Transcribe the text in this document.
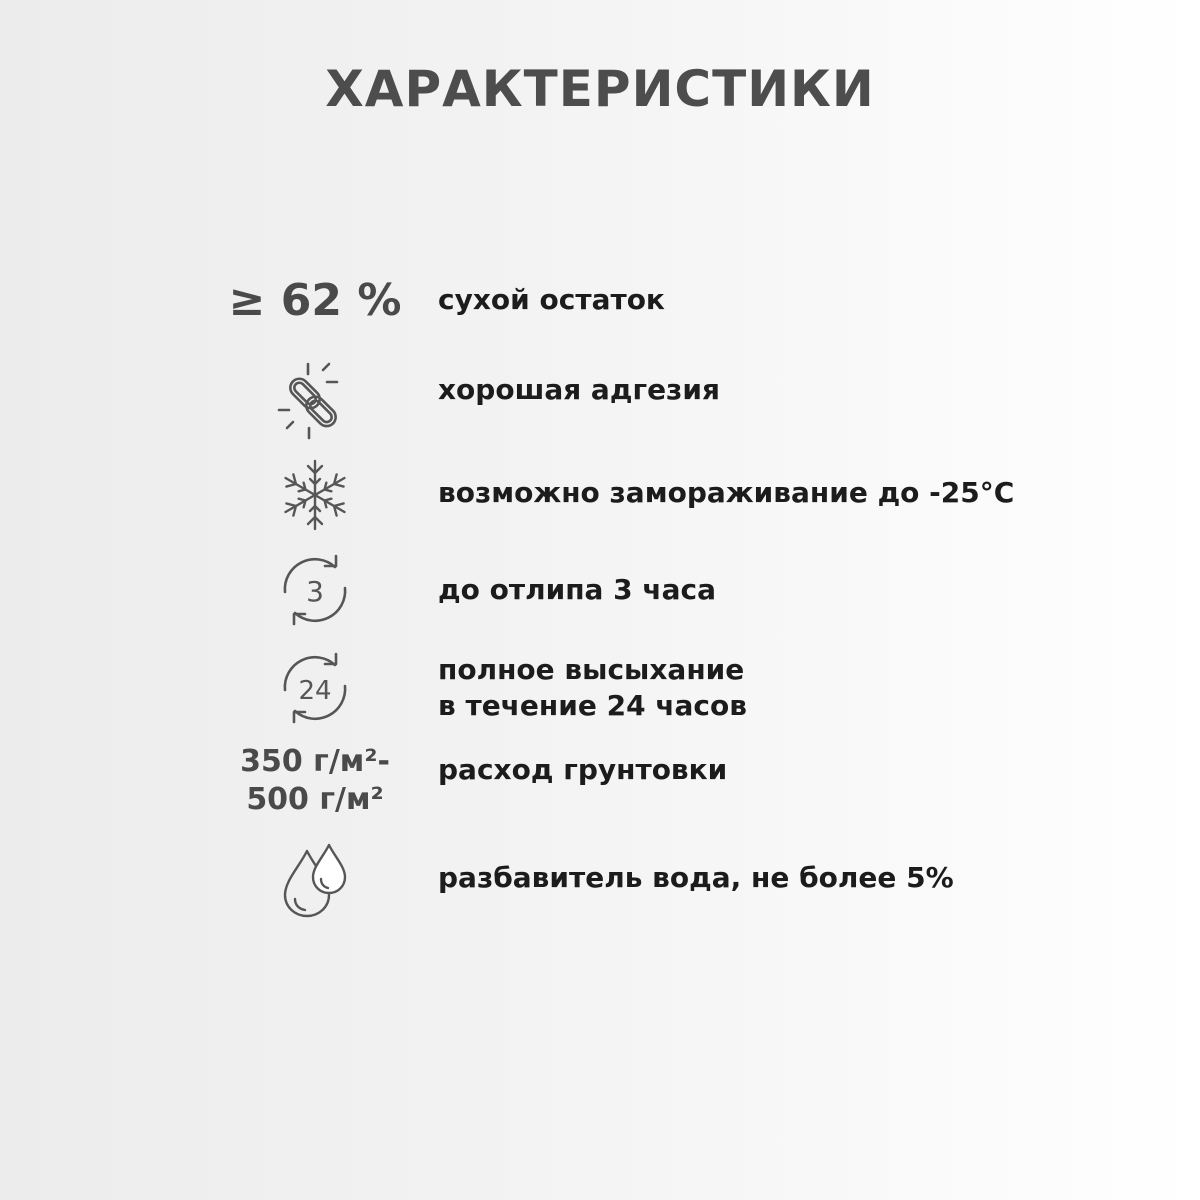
ХАРАКТЕРИСТИКИ
≥ 62 % сухой остаток
хорошая адгезия
возможно замораживание до -25°С
3	до отлипа 3 часа
24
полное высыхание
в течение 24 часов
350 г/м²-
500 г/м²
расход грунтовки
разбавитель вода, не более 5%
